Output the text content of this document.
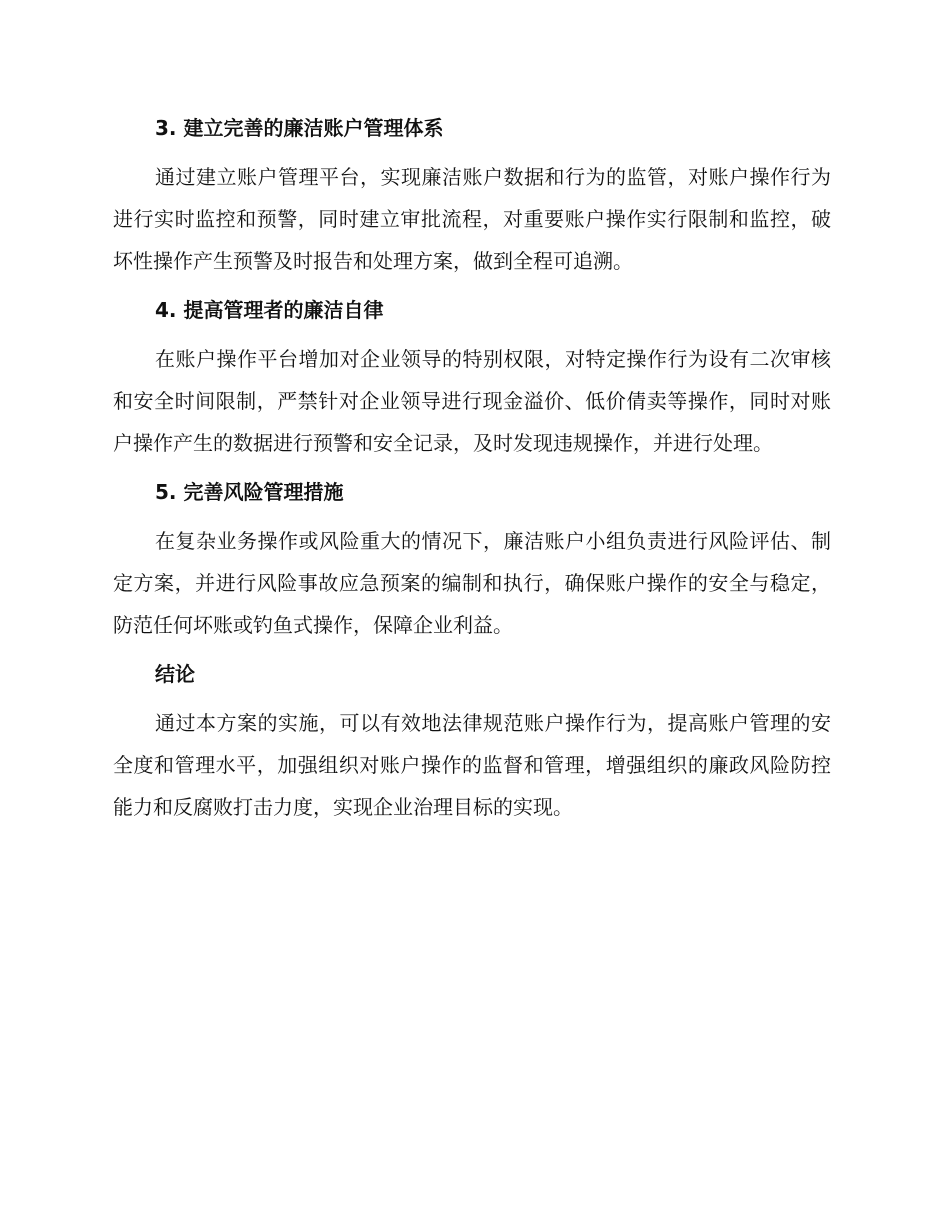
3. 建立完善的廉洁账户管理体系
通过建立账户管理平台，实现廉洁账户数据和行为的监管，对账户操作行为进行实时监控和预警，同时建立审批流程，对重要账户操作实行限制和监控，破坏性操作产生预警及时报告和处理方案，做到全程可追溯。
4. 提高管理者的廉洁自律
在账户操作平台增加对企业领导的特别权限，对特定操作行为设有二次审核和安全时间限制，严禁针对企业领导进行现金溢价、低价倩卖等操作，同时对账户操作产生的数据进行预警和安全记录，及时发现违规操作，并进行处理。
5. 完善风险管理措施
在复杂业务操作或风险重大的情况下，廉洁账户小组负责进行风险评估、制定方案，并进行风险事故应急预案的编制和执行，确保账户操作的安全与稳定，防范任何坏账或钓鱼式操作，保障企业利益。
结论
通过本方案的实施，可以有效地法律规范账户操作行为，提高账户管理的安全度和管理水平，加强组织对账户操作的监督和管理，增强组织的廉政风险防控能力和反腐败打击力度，实现企业治理目标的实现。
